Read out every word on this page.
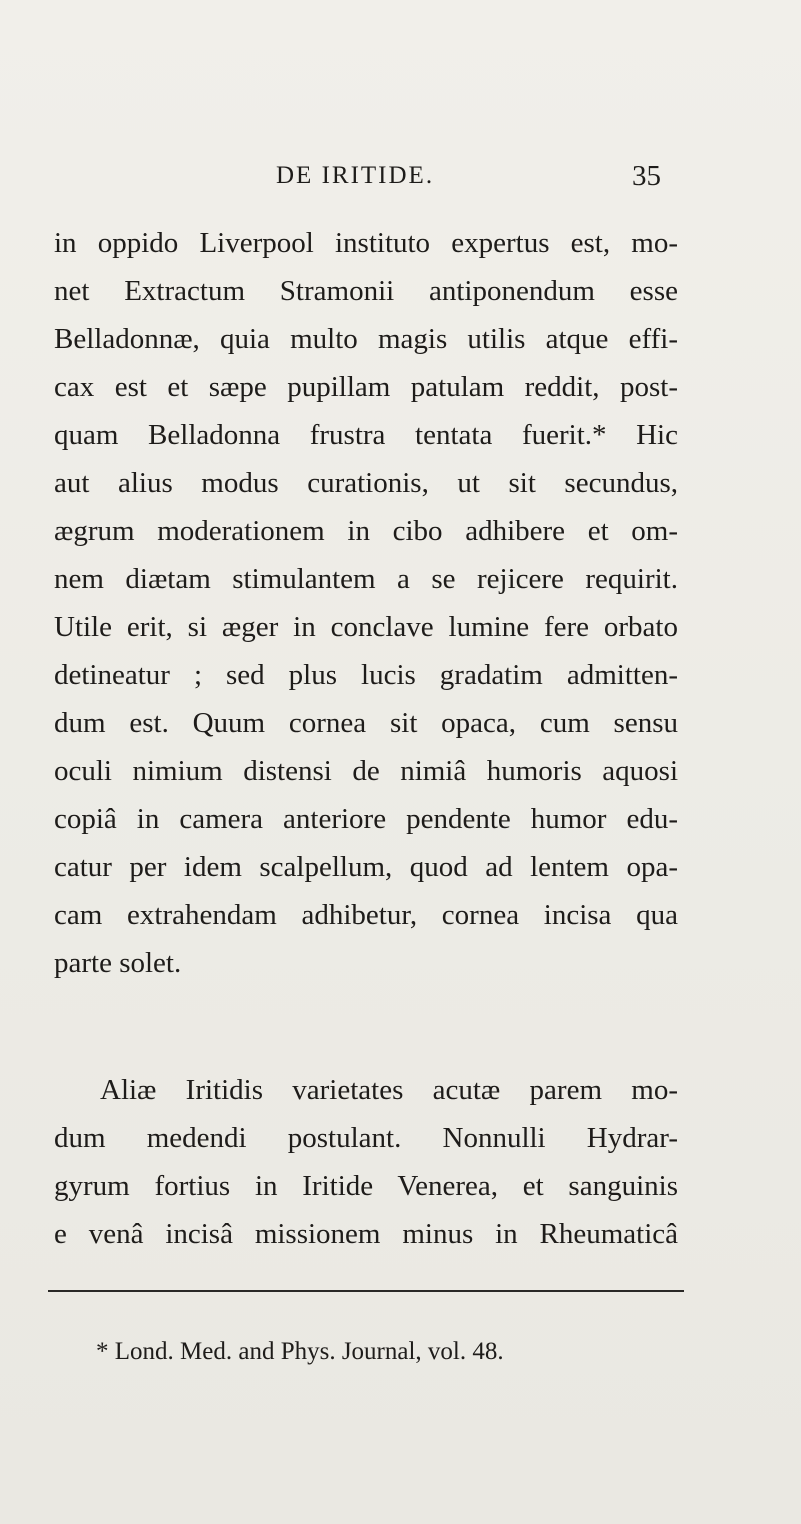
DE IRITIDE.	35
in oppido Liverpool instituto expertus est, mo-
net Extractum Stramonii antiponendum esse
Belladonnæ, quia multo magis utilis atque effi-
cax est et sæpe pupillam patulam reddit, post-
quam Belladonna frustra tentata fuerit.* Hic
aut alius modus curationis, ut sit secundus,
ægrum moderationem in cibo adhibere et om-
nem diætam stimulantem a se rejicere requirit.
Utile erit, si æger in conclave lumine fere orbato
detineatur ; sed plus lucis gradatim admitten-
dum est. Quum cornea sit opaca, cum sensu
oculi nimium distensi de nimiâ humoris aquosi
copiâ in camera anteriore pendente humor edu-
catur per idem scalpellum, quod ad lentem opa-
cam extrahendam adhibetur, cornea incisa qua
parte solet.
Aliæ Iritidis varietates acutæ parem mo-
dum medendi postulant. Nonnulli Hydrar-
gyrum fortius in Iritide Venerea, et sanguinis
e venâ incisâ missionem minus in Rheumaticâ
* Lond. Med. and Phys. Journal, vol. 48.
